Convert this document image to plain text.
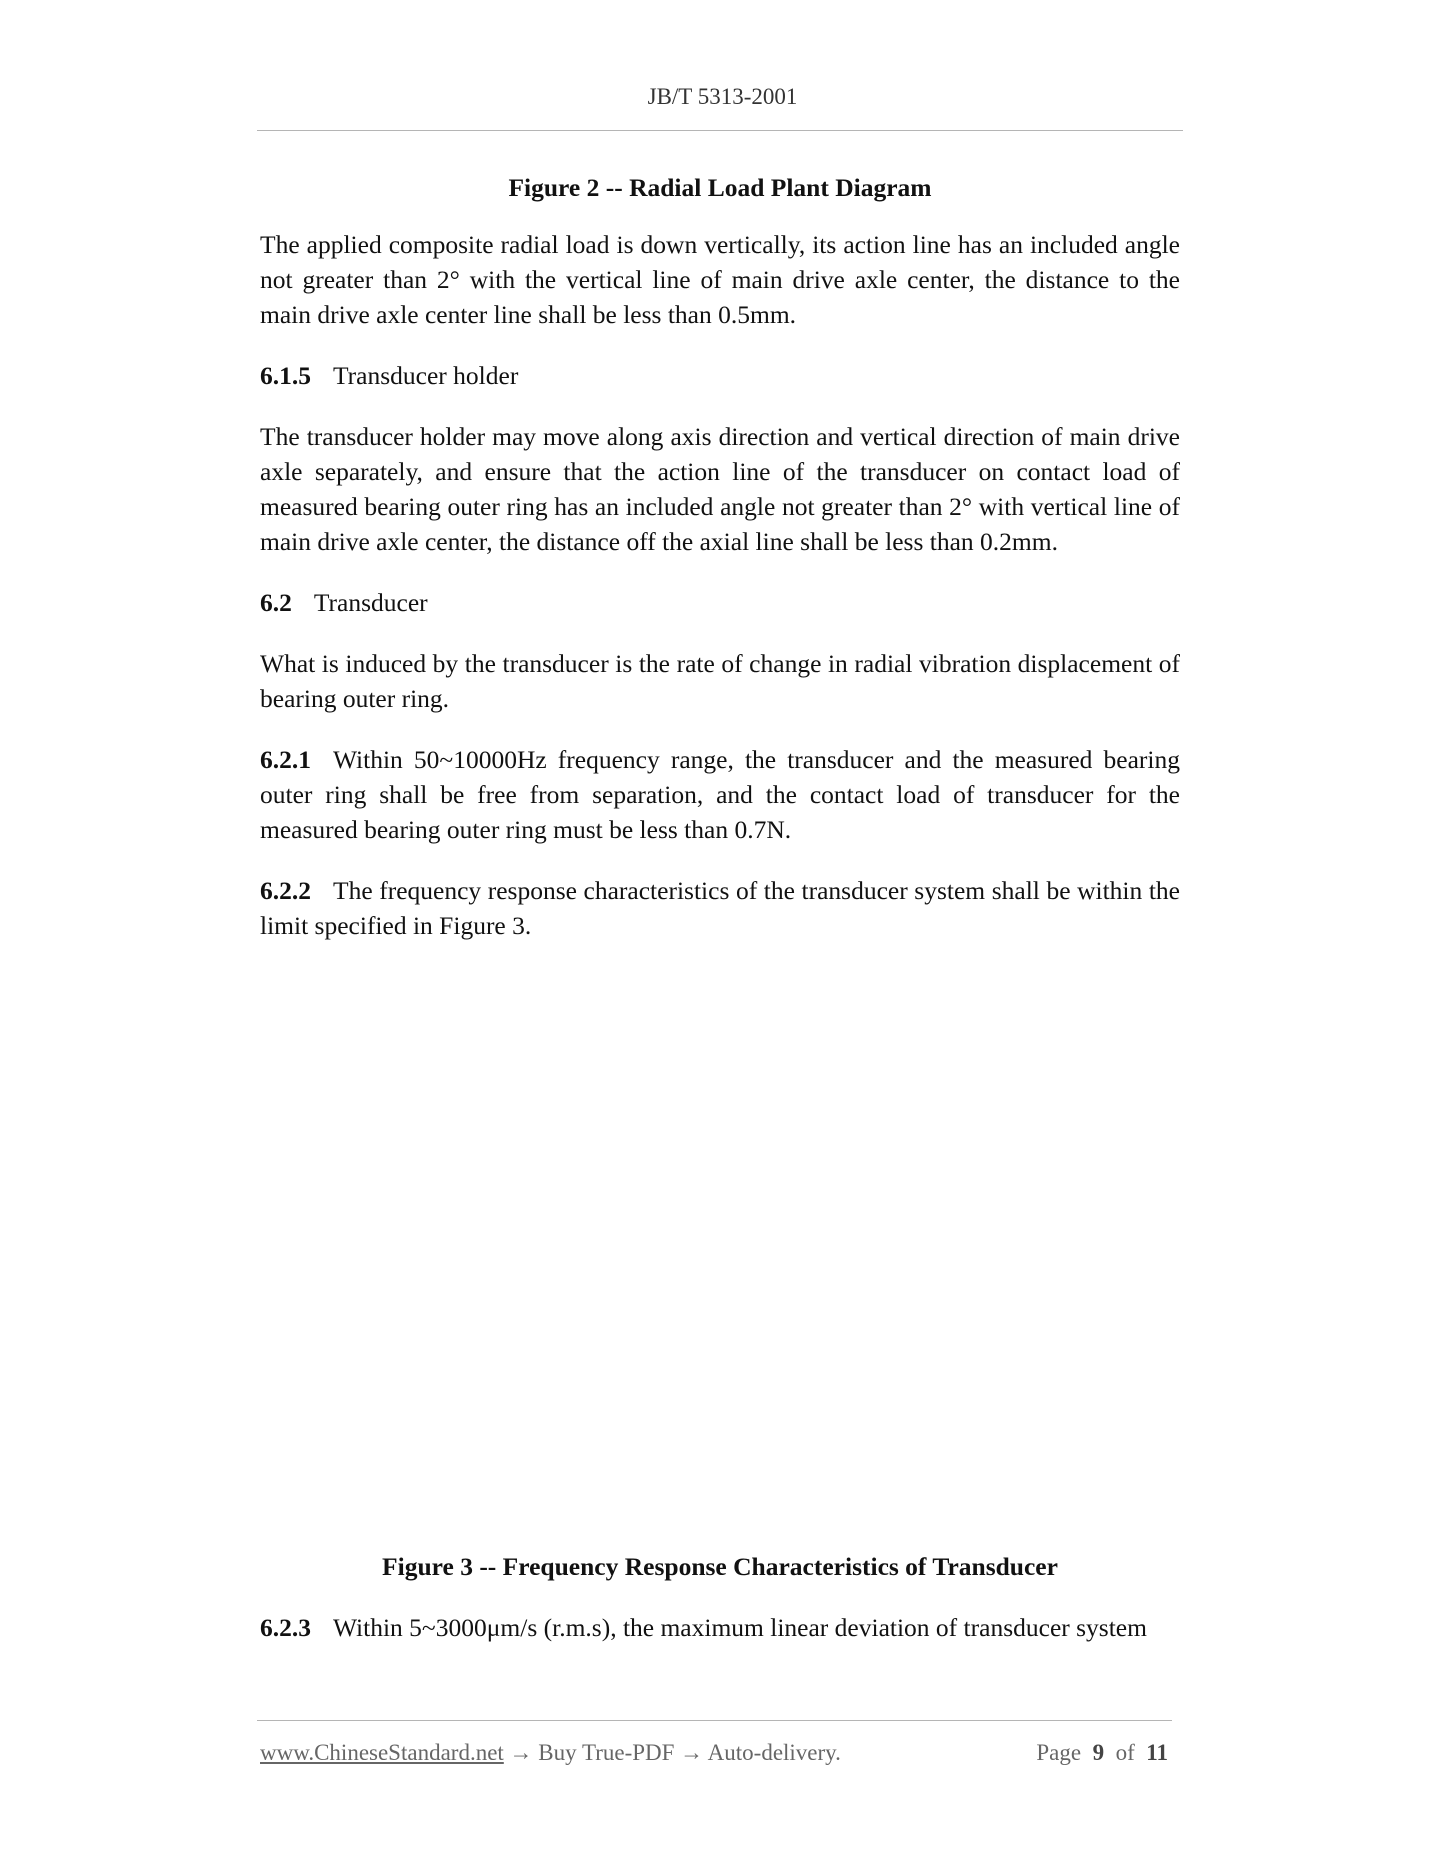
JB/T 5313-2001
Figure 2 -- Radial Load Plant Diagram

The applied composite radial load is down vertically, its action line has an included angle not greater than 2° with the vertical line of main drive axle center, the distance to the main drive axle center line shall be less than 0.5mm.

6.1.5 Transducer holder

The transducer holder may move along axis direction and vertical direction of main drive axle separately, and ensure that the action line of the transducer on contact load of measured bearing outer ring has an included angle not greater than 2° with vertical line of main drive axle center, the distance off the axial line shall be less than 0.2mm.

6.2 Transducer

What is induced by the transducer is the rate of change in radial vibration displacement of bearing outer ring.

6.2.1 Within 50~10000Hz frequency range, the transducer and the measured bearing outer ring shall be free from separation, and the contact load of transducer for the measured bearing outer ring must be less than 0.7N.

6.2.2 The frequency response characteristics of the transducer system shall be within the limit specified in Figure 3.

Figure 3 -- Frequency Response Characteristics of Transducer

6.2.3 Within 5~3000μm/s (r.m.s), the maximum linear deviation of transducer system

www.ChineseStandard.net → Buy True-PDF → Auto-delivery.	Page 9 of 11
